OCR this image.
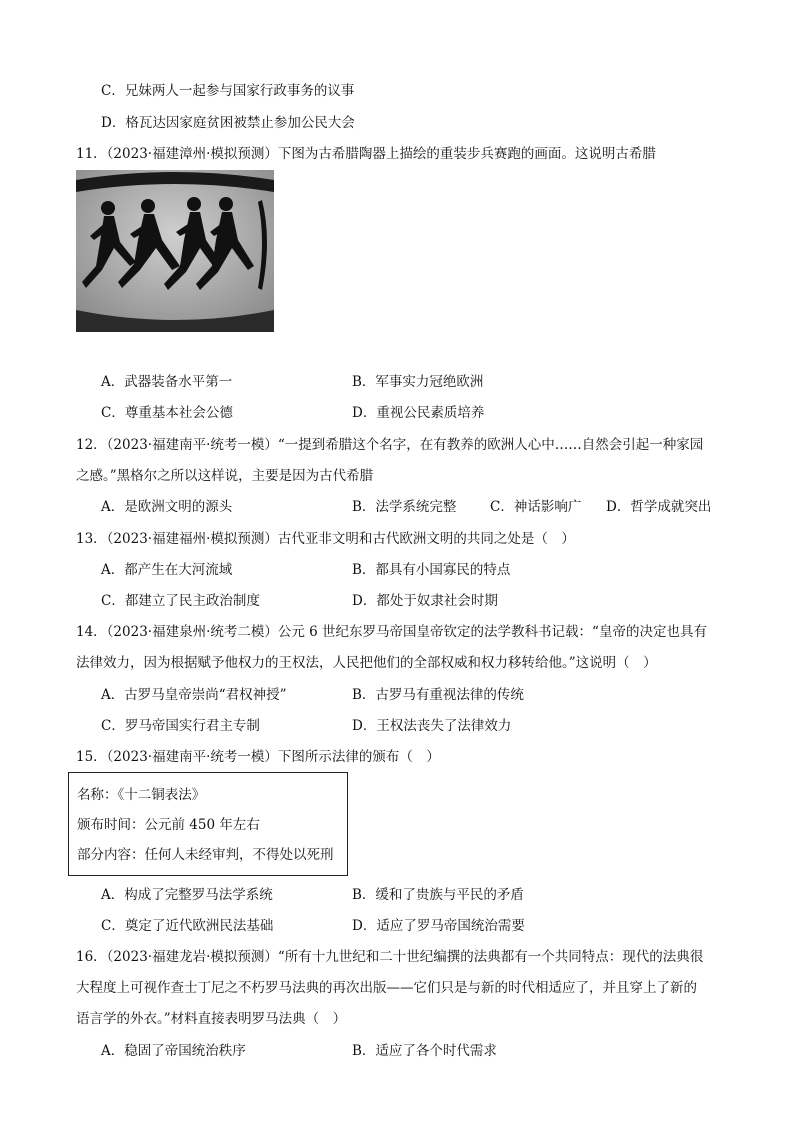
C．兄妹两人一起参与国家行政事务的议事
D．格瓦达因家庭贫困被禁止参加公民大会
11．（2023·福建漳州·模拟预测）下图为古希腊陶器上描绘的重装步兵赛跑的画面。这说明古希腊
A．武器装备水平第一	B．军事实力冠绝欧洲
C．尊重基本社会公德	D．重视公民素质培养
12．（2023·福建南平·统考一模）“一提到希腊这个名字，在有教养的欧洲人心中……自然会引起一种家园
之感。”黑格尔之所以这样说，主要是因为古代希腊
A．是欧洲文明的源头	B．法学系统完整 C．神话影响广 D．哲学成就突出
13．（2023·福建福州·模拟预测）古代亚非文明和古代欧洲文明的共同之处是（　）
A．都产生在大河流域	B．都具有小国寡民的特点
C．都建立了民主政治制度	D．都处于奴隶社会时期
14．（2023·福建泉州·统考二模）公元 6 世纪东罗马帝国皇帝钦定的法学教科书记载：“皇帝的决定也具有
法律效力，因为根据赋予他权力的王权法，人民把他们的全部权威和权力移转给他。”这说明（　）
A．古罗马皇帝崇尚“君权神授”	B．古罗马有重视法律的传统
C．罗马帝国实行君主专制	D．王权法丧失了法律效力
15．（2023·福建南平·统考一模）下图所示法律的颁布（　）
名称：《十二铜表法》
颁布时间：公元前 450 年左右
部分内容：任何人未经审判，不得处以死刑
A．构成了完整罗马法学系统	B．缓和了贵族与平民的矛盾
C．奠定了近代欧洲民法基础	D．适应了罗马帝国统治需要
16．（2023·福建龙岩·模拟预测）“所有十九世纪和二十世纪编撰的法典都有一个共同特点：现代的法典很
大程度上可视作查士丁尼之不朽罗马法典的再次出版——它们只是与新的时代相适应了，并且穿上了新的
语言学的外衣。”材料直接表明罗马法典（　）
A．稳固了帝国统治秩序	B．适应了各个时代需求
